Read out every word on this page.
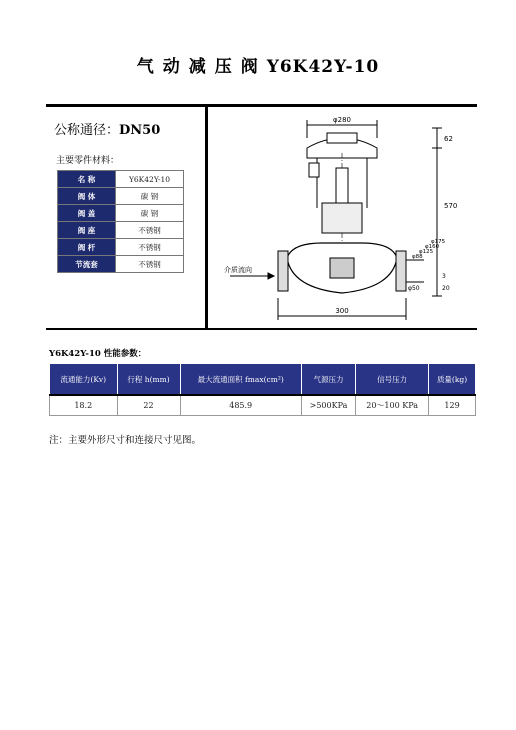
气动减压阀Y6K42Y-10
公称通径：DN50
主要零件材料：
名 称	Y6K42Y-10
阀 体	碳 钢
阀 盖	碳 钢
阀 座	不锈钢
阀 杆	不锈钢
节流套	不锈钢
φ280
62
570
介质流向
300
φ50
φ88
φ125
φ160
φ175
3
20
Y6K42Y-10 性能参数：
流通能力(Kv)	行程 h(mm)	最大流通面积 fmax(cm²)	气源压力	信号压力	质量(kg)
18.2	22	485.9	>500KPa	20～100 KPa	129
注：主要外形尺寸和连接尺寸见图。
